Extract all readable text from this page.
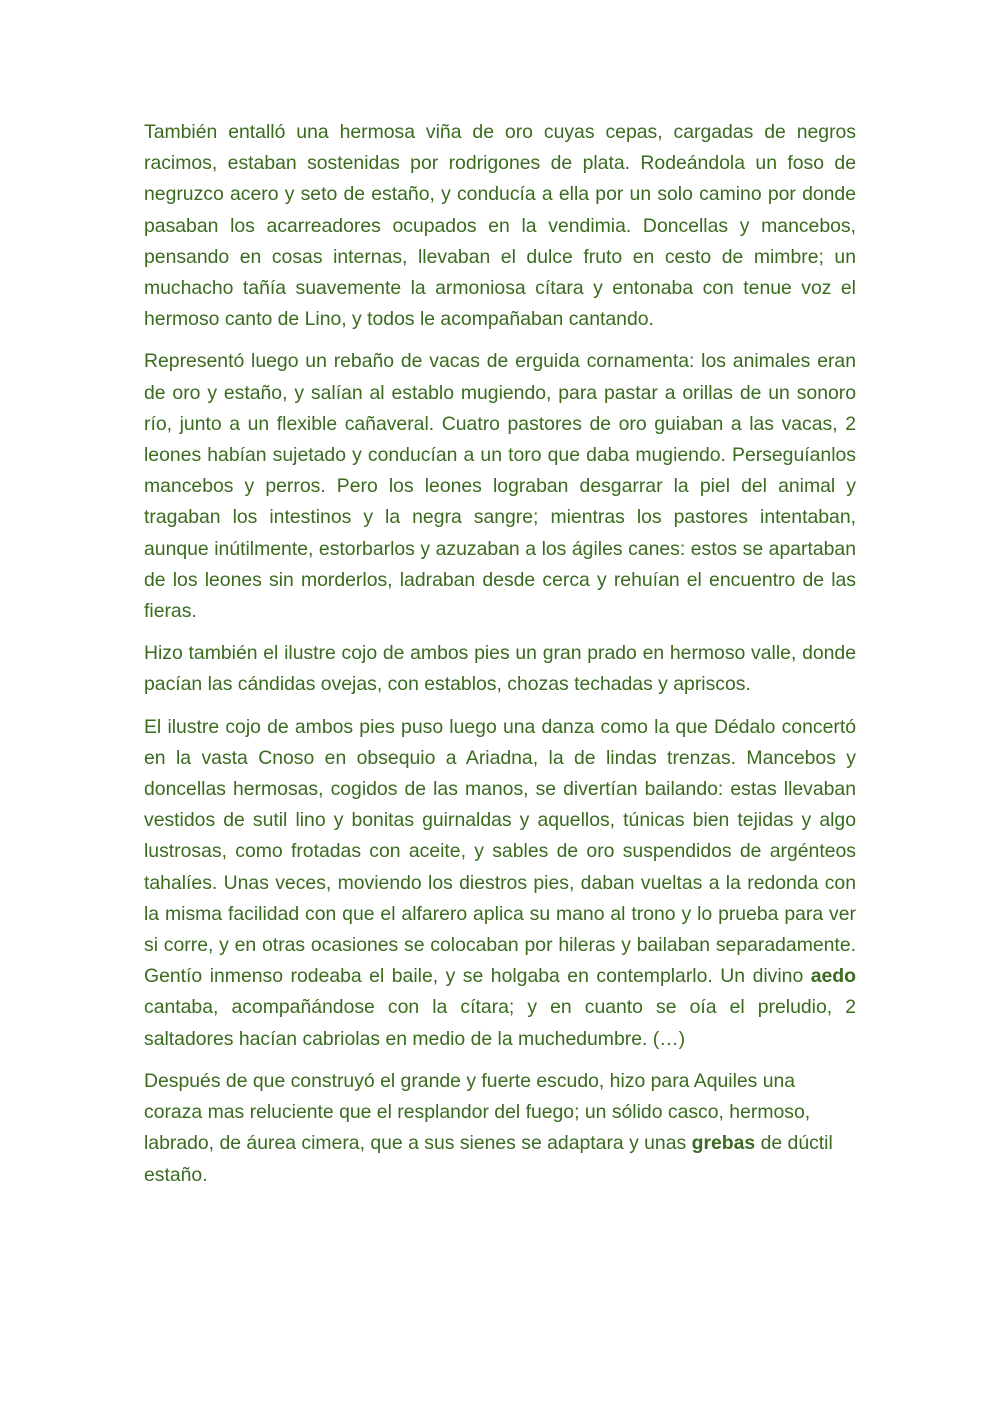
También entalló una hermosa viña de oro cuyas cepas, cargadas de negros racimos, estaban sostenidas por rodrigones de plata. Rodeándola un foso de negruzco acero y seto de estaño, y conducía a ella por un solo camino por donde pasaban los acarreadores ocupados en la vendimia. Doncellas y mancebos, pensando en cosas internas, llevaban el dulce fruto en cesto de mimbre; un muchacho tañía suavemente la armoniosa cítara y entonaba con tenue voz el hermoso canto de Lino, y todos le acompañaban cantando.

Representó luego un rebaño de vacas de erguida cornamenta: los animales eran de oro y estaño, y salían al establo mugiendo, para pastar a orillas de un sonoro río, junto a un flexible cañaveral. Cuatro pastores de oro guiaban a las vacas, 2 leones habían sujetado y conducían a un toro que daba mugiendo. Perseguíanlos mancebos y perros. Pero los leones lograban desgarrar la piel del animal y tragaban los intestinos y la negra sangre; mientras los pastores intentaban, aunque inútilmente, estorbarlos y azuzaban a los ágiles canes: estos se apartaban de los leones sin morderlos, ladraban desde cerca y rehuían el encuentro de las fieras.

Hizo también el ilustre cojo de ambos pies un gran prado en hermoso valle, donde pacían las cándidas ovejas, con establos, chozas techadas y apriscos.

El ilustre cojo de ambos pies puso luego una danza como la que Dédalo concertó en la vasta Cnoso en obsequio a Ariadna, la de lindas trenzas. Mancebos y doncellas hermosas, cogidos de las manos, se divertían bailando: estas llevaban vestidos de sutil lino y bonitas guirnaldas y aquellos, túnicas bien tejidas y algo lustrosas, como frotadas con aceite, y sables de oro suspendidos de argénteos tahalíes. Unas veces, moviendo los diestros pies, daban vueltas a la redonda con la misma facilidad con que el alfarero aplica su mano al trono y lo prueba para ver si corre, y en otras ocasiones se colocaban por hileras y bailaban separadamente. Gentío inmenso rodeaba el baile, y se holgaba en contemplarlo. Un divino aedo cantaba, acompañándose con la cítara; y en cuanto se oía el preludio, 2 saltadores hacían cabriolas en medio de la muchedumbre. (…)

Después de que construyó el grande y fuerte escudo, hizo para Aquiles una coraza mas reluciente que el resplandor del fuego; un sólido casco, hermoso, labrado, de áurea cimera, que a sus sienes se adaptara y unas grebas de dúctil estaño.
